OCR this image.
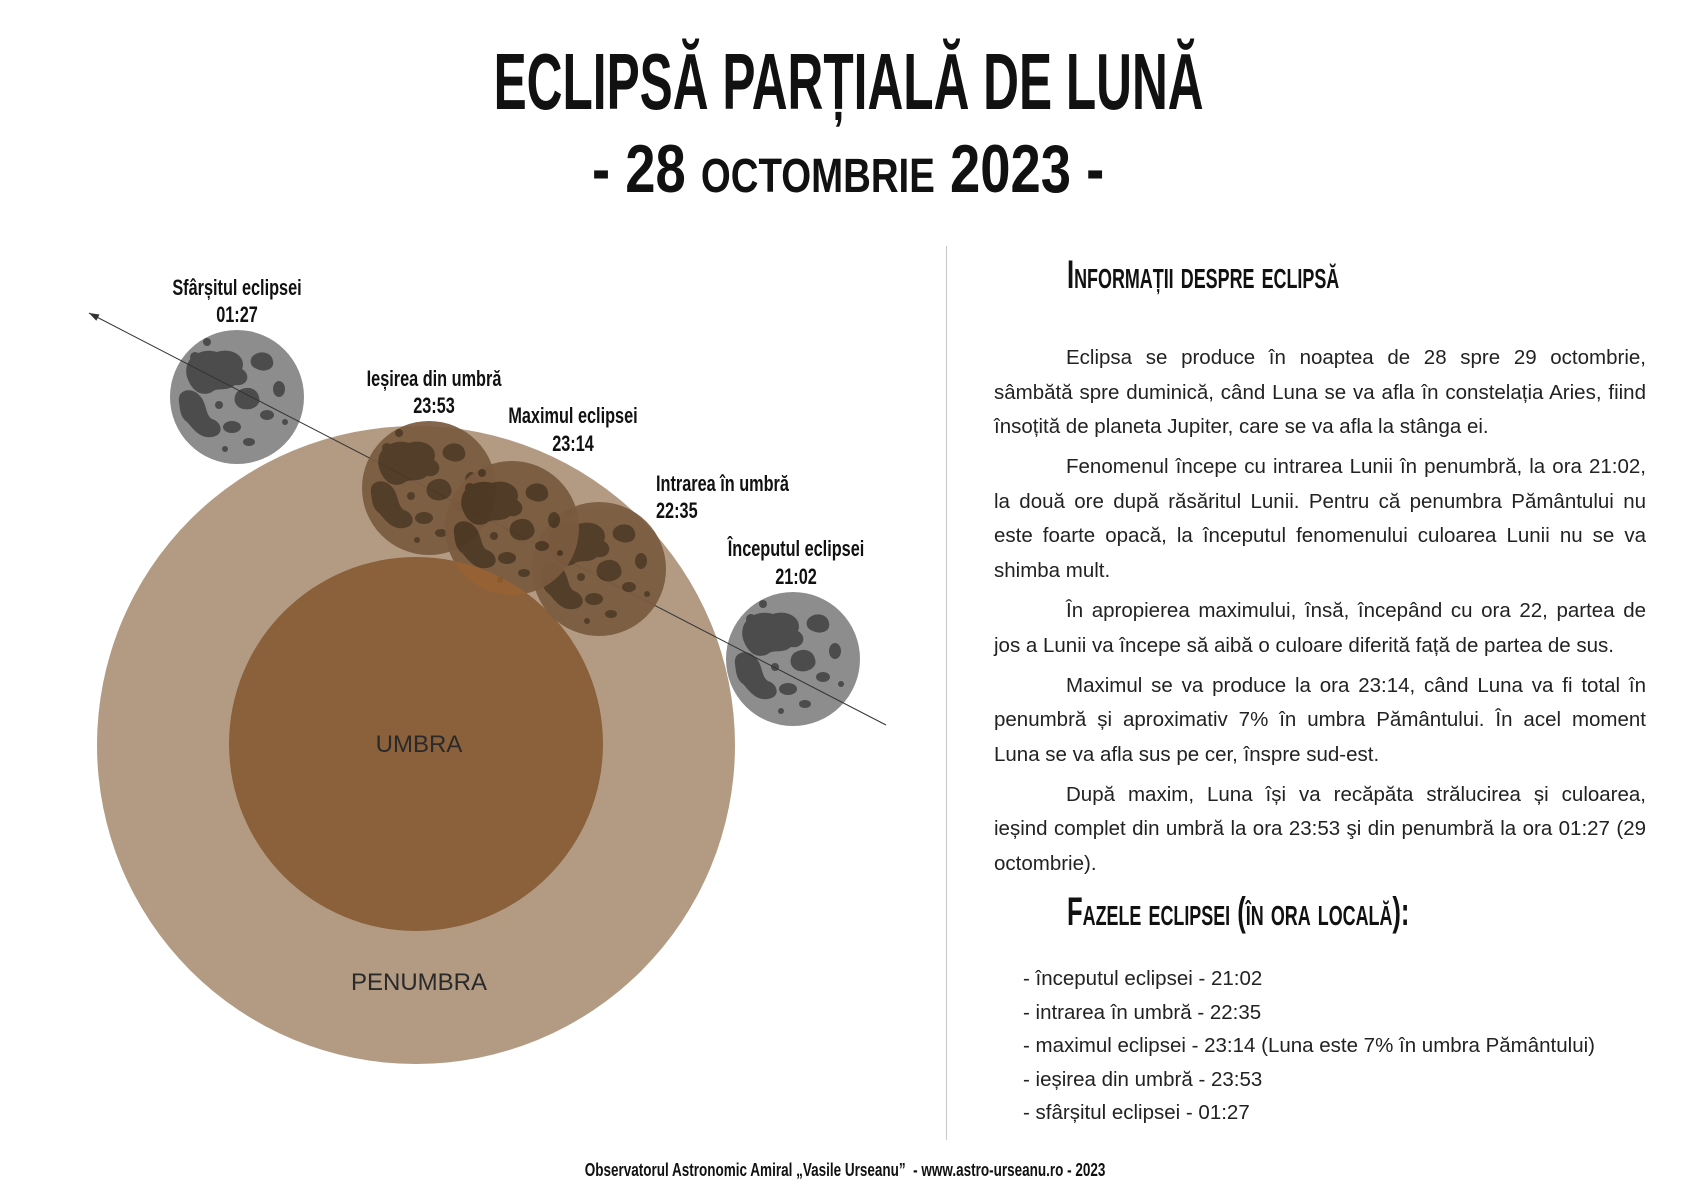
ECLIPSĂ PARȚIALĂ DE LUNĂ
- 28 octombrie 2023 -
UMBRA
PENUMBRA
Sfârșitul eclipsei
01:27
Ieșirea din umbră
23:53 Maximul eclipsei
23:14
Intrarea în umbră
22:35
Începutul eclipsei
21:02
Informații despre eclipsă

Eclipsa se produce în noaptea de 28 spre 29 octombrie, sâmbătă spre duminică, când Luna se va afla în constelația Aries, fiind însoțită de planeta Jupiter, care se va afla la stânga ei.

Fenomenul începe cu intrarea Lunii în penumbră, la ora 21:02, la două ore după răsăritul Lunii. Pentru că penumbra Pământului nu este foarte opacă, la începutul fenomenului culoarea Lunii nu se va shimba mult.

În apropierea maximului, însă, începând cu ora 22, partea de jos a Lunii va începe să aibă o culoare diferită față de partea de sus.

Maximul se va produce la ora 23:14, când Luna va fi total în penumbră și aproximativ 7% în umbra Pământului. În acel moment Luna se va afla sus pe cer, înspre sud-est.

După maxim, Luna își va recăpăta strălucirea și culoarea, ieșind complet din umbră la ora 23:53 şi din penumbră la ora 01:27 (29 octombrie).

Fazele eclipsei (în ora locală):
- începutul eclipsei - 21:02
- intrarea în umbră - 22:35
- maximul eclipsei - 23:14 (Luna este 7% în umbra Pământului)
- ieșirea din umbră - 23:53
- sfârșitul eclipsei - 01:27
Observatorul Astronomic Amiral „Vasile Urseanu”  - www.astro-urseanu.ro - 2023
